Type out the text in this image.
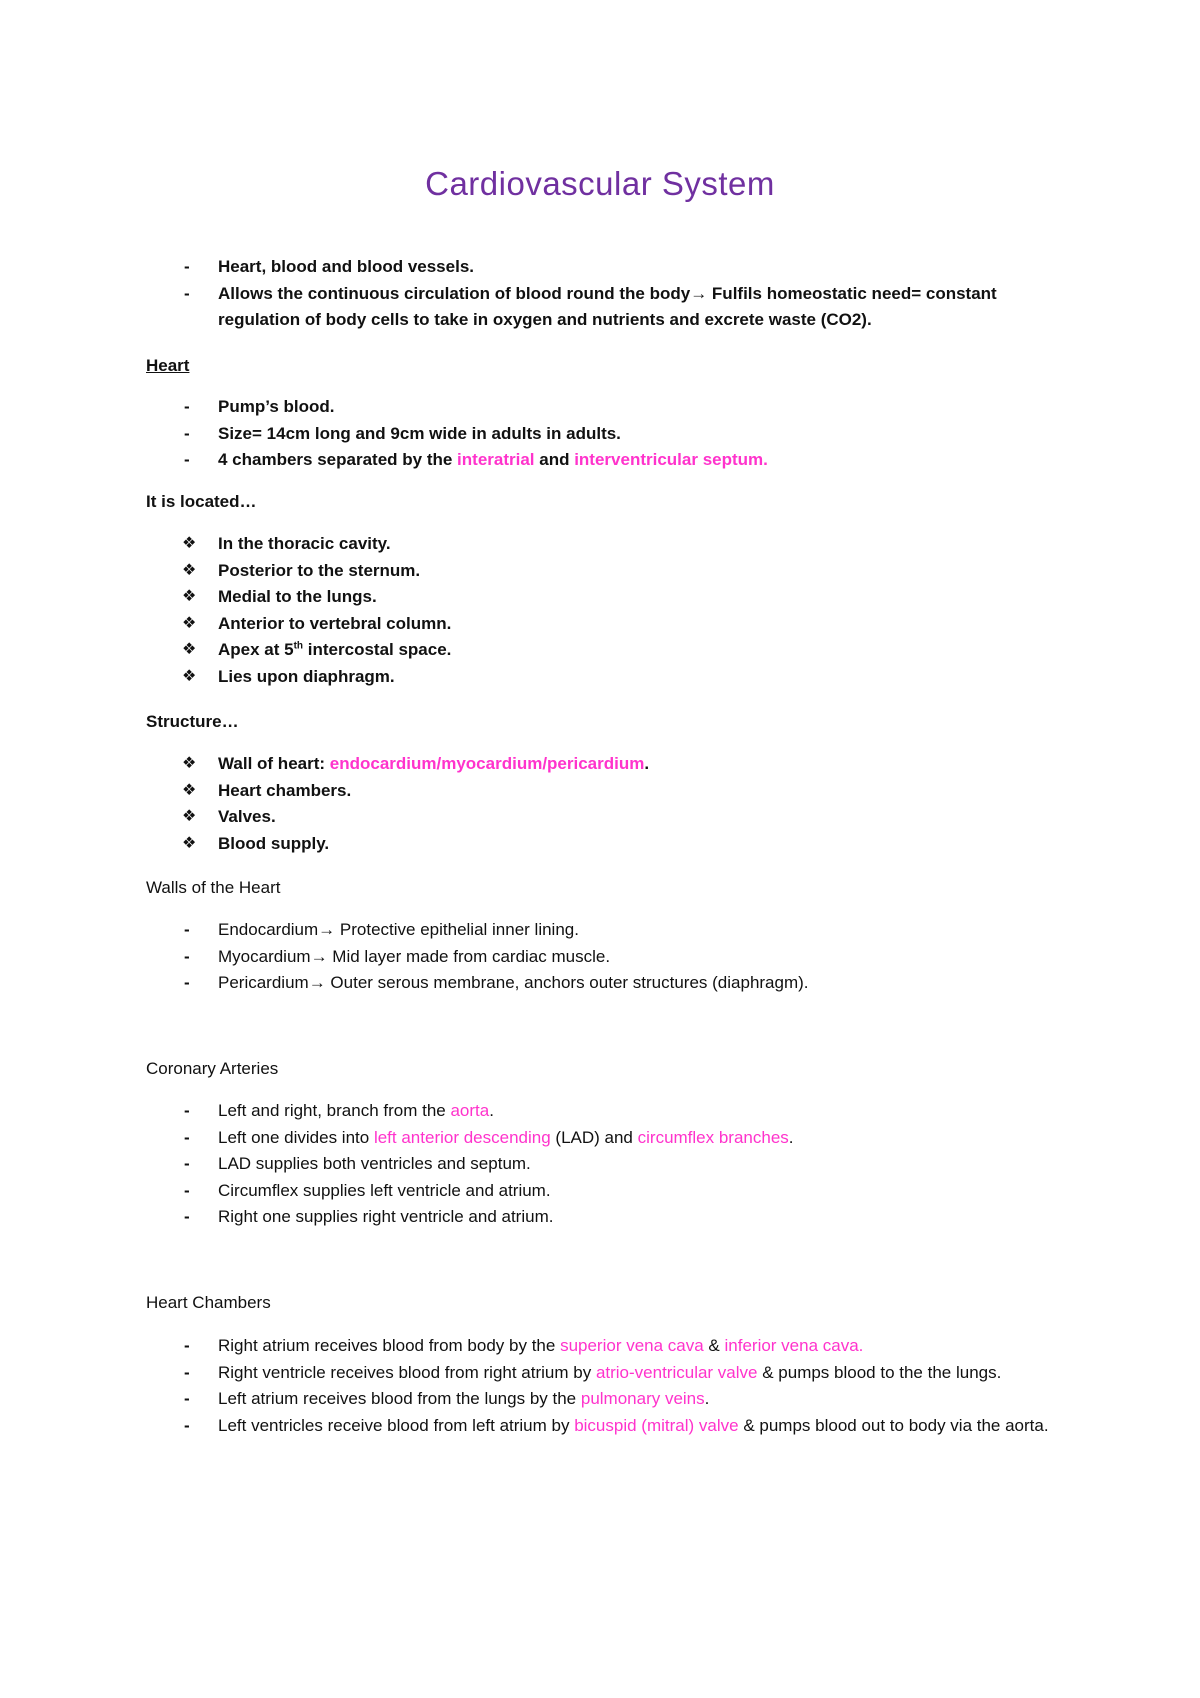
Cardiovascular System
-	Heart, blood and blood vessels.
-	Allows the continuous circulation of blood round the body→ Fulfils homeostatic need= constant regulation of body cells to take in oxygen and nutrients and excrete waste (CO2).
Heart
-	Pump’s blood.
-	Size= 14cm long and 9cm wide in adults in adults.
-	4 chambers separated by the interatrial and interventricular septum.
It is located…
❖	In the thoracic cavity.
❖	Posterior to the sternum.
❖	Medial to the lungs.
❖	Anterior to vertebral column.
❖	Apex at 5th intercostal space.
❖	Lies upon diaphragm.
Structure…
❖	Wall of heart: endocardium/myocardium/pericardium.
❖	Heart chambers.
❖	Valves.
❖	Blood supply.
Walls of the Heart
-	Endocardium→ Protective epithelial inner lining.
-	Myocardium→ Mid layer made from cardiac muscle.
-	Pericardium→ Outer serous membrane, anchors outer structures (diaphragm).
Coronary Arteries
-	Left and right, branch from the aorta.
-	Left one divides into left anterior descending (LAD) and circumflex branches.
-	LAD supplies both ventricles and septum.
-	Circumflex supplies left ventricle and atrium.
-	Right one supplies right ventricle and atrium.
Heart Chambers
-	Right atrium receives blood from body by the superior vena cava & inferior vena cava.
-	Right ventricle receives blood from right atrium by atrio-ventricular valve & pumps blood to the the lungs.
-	Left atrium receives blood from the lungs by the pulmonary veins.
-	Left ventricles receive blood from left atrium by bicuspid (mitral) valve & pumps blood out to body via the aorta.
